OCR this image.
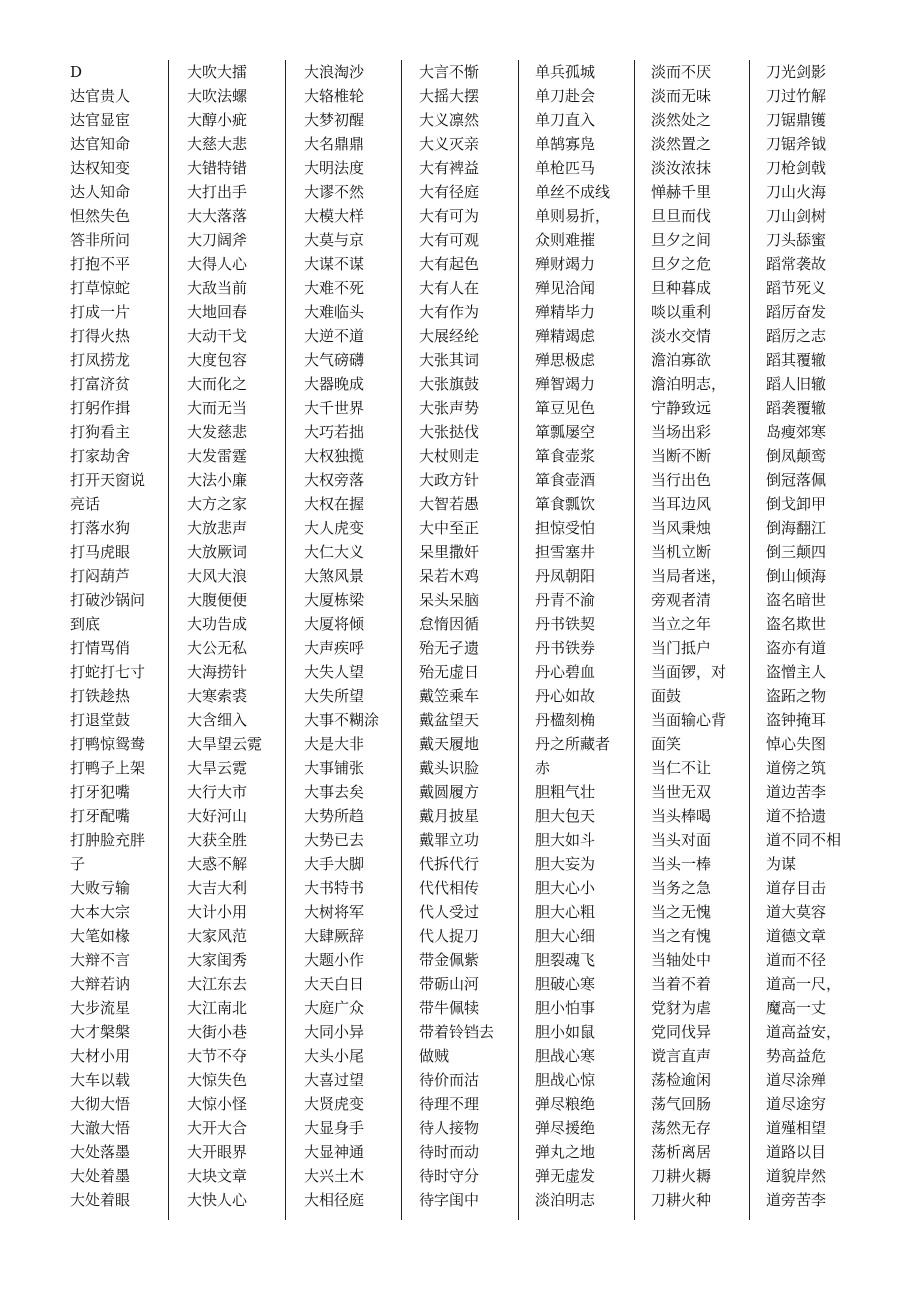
D
达官贵人
达官显宦
达官知命
达权知变
达人知命
怛然失色
答非所问
打抱不平
打草惊蛇
打成一片
打得火热
打凤捞龙
打富济贫
打躬作揖
打狗看主
打家劫舍
打开天窗说
亮话
打落水狗
打马虎眼
打闷葫芦
打破沙锅问
到底
打情骂俏
打蛇打七寸
打铁趁热
打退堂鼓
打鸭惊鸳鸯
打鸭子上架
打牙犯嘴
打牙配嘴
打肿脸充胖
子
大败亏输
大本大宗
大笔如椽
大辩不言
大辩若讷
大步流星
大才槃槃
大材小用
大车以载
大彻大悟
大澈大悟
大处落墨
大处着墨
大处着眼
大吹大擂
大吹法螺
大醇小疵
大慈大悲
大错特错
大打出手
大大落落
大刀阔斧
大得人心
大敌当前
大地回春
大动干戈
大度包容
大而化之
大而无当
大发慈悲
大发雷霆
大法小廉
大方之家
大放悲声
大放厥词
大风大浪
大腹便便
大功告成
大公无私
大海捞针
大寒索裘
大含细入
大旱望云霓
大旱云霓
大行大市
大好河山
大获全胜
大惑不解
大吉大利
大计小用
大家风范
大家闺秀
大江东去
大江南北
大街小巷
大节不夺
大惊失色
大惊小怪
大开大合
大开眼界
大块文章
大快人心
大浪淘沙
大辂椎轮
大梦初醒
大名鼎鼎
大明法度
大谬不然
大模大样
大莫与京
大谋不谋
大难不死
大难临头
大逆不道
大气磅礴
大器晚成
大千世界
大巧若拙
大权独揽
大权旁落
大权在握
大人虎变
大仁大义
大煞风景
大厦栋梁
大厦将倾
大声疾呼
大失人望
大失所望
大事不糊涂
大是大非
大事铺张
大事去矣
大势所趋
大势已去
大手大脚
大书特书
大树将军
大肆厥辞
大题小作
大天白日
大庭广众
大同小异
大头小尾
大喜过望
大贤虎变
大显身手
大显神通
大兴土木
大相径庭
大言不惭
大摇大摆
大义凛然
大义灭亲
大有裨益
大有径庭
大有可为
大有可观
大有起色
大有人在
大有作为
大展经纶
大张其词
大张旗鼓
大张声势
大张挞伐
大杖则走
大政方针
大智若愚
大中至正
呆里撒奸
呆若木鸡
呆头呆脑
怠惰因循
殆无孑遗
殆无虚日
戴笠乘车
戴盆望天
戴天履地
戴头识脸
戴圆履方
戴月披星
戴罪立功
代拆代行
代代相传
代人受过
代人捉刀
带金佩紫
带砺山河
带牛佩犊
带着铃铛去
做贼
待价而沽
待理不理
待人接物
待时而动
待时守分
待字闺中
单兵孤城
单刀赴会
单刀直入
单鹄寡凫
单枪匹马
单丝不成线
单则易折，
众则难摧
殚财竭力
殚见洽闻
殚精毕力
殚精竭虑
殚思极虑
殚智竭力
箪豆见色
箪瓢屡空
箪食壶浆
箪食壶酒
箪食瓢饮
担惊受怕
担雪塞井
丹凤朝阳
丹青不渝
丹书铁契
丹书铁券
丹心碧血
丹心如故
丹楹刻桷
丹之所藏者
赤
胆粗气壮
胆大包天
胆大如斗
胆大妄为
胆大心小
胆大心粗
胆大心细
胆裂魂飞
胆破心寒
胆小怕事
胆小如鼠
胆战心寒
胆战心惊
弹尽粮绝
弹尽援绝
弹丸之地
弹无虚发
淡泊明志
淡而不厌
淡而无味
淡然处之
淡然置之
淡汝浓抹
惮赫千里
旦旦而伐
旦夕之间
旦夕之危
旦种暮成
啖以重利
淡水交情
澹泊寡欲
澹泊明志，
宁静致远
当场出彩
当断不断
当行出色
当耳边风
当风秉烛
当机立断
当局者迷，
旁观者清
当立之年
当门抵户
当面锣，对
面鼓
当面输心背
面笑
当仁不让
当世无双
当头棒喝
当头对面
当头一棒
当务之急
当之无愧
当之有愧
当轴处中
当着不着
党豺为虐
党同伐异
谠言直声
荡检逾闲
荡气回肠
荡然无存
荡析离居
刀耕火耨
刀耕火种
刀光剑影
刀过竹解
刀锯鼎镬
刀锯斧钺
刀枪剑戟
刀山火海
刀山剑树
刀头舔蜜
蹈常袭故
蹈节死义
蹈厉奋发
蹈厉之志
蹈其覆辙
蹈人旧辙
蹈袭覆辙
岛瘦郊寒
倒凤颠鸾
倒冠落佩
倒戈卸甲
倒海翻江
倒三颠四
倒山倾海
盗名暗世
盗名欺世
盗亦有道
盗憎主人
盗跖之物
盗钟掩耳
悼心失图
道傍之筑
道边苦李
道不拾遗
道不同不相
为谋
道存目击
道大莫容
道德文章
道而不径
道高一尺，
魔高一丈
道高益安，
势高益危
道尽涂殚
道尽途穷
道殣相望
道路以目
道貌岸然
道旁苦李
